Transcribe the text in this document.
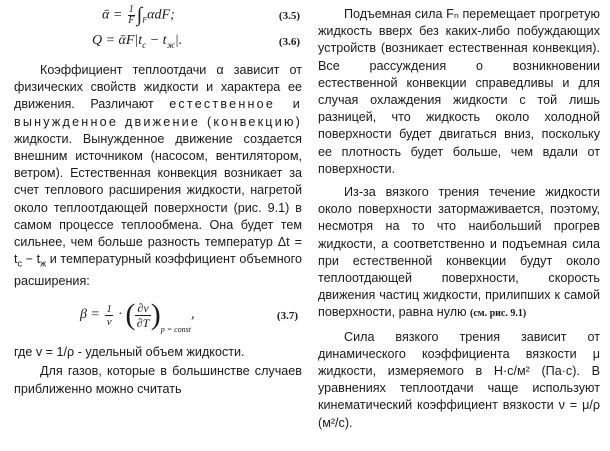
ᾱ = $\frac{1}{F} \int_F\alpha dF$;	(3.5)
$Q = ᾱF|t_c - t_ж|$.	(3.6)

Коэффициент теплоотдачи α зависит от физических свойств жидкости и характера ее движения. Различают естественное и вынужденное движение (конвекцию) жидкости. Вынужденное движение создается внешним источником (насосом, вентилятором, ветром). Естественная конвекция возникает за счет теплового расширения жидкости, нагретой около теплоотдающей поверхности (рис. 9.1) в самом процессе теплообмена. Она будет тем сильнее, чем больше разность температур $\Delta t = t_c - t_ж$ и температурный коэффициент объемного расширения:

$\beta = \frac{1}{v}$ · ( $\frac{\partial v}{\partial T})_{p = const}$,	(3.7)

где v = 1/ρ - удельный объем жидкости.

Для газов, которые в большинстве случаев приближенно можно считать

Подъемная сила Fₙ перемещает прогретую жидкость вверх без каких-либо побуждающих устройств (возникает естественная конвекция). Все рассуждения о возникновении естественной конвекции справедливы и для случая охлаждения жидкости с той лишь разницей, что жидкость около холодной поверхности будет двигаться вниз, поскольку ее плотность будет больше, чем вдали от поверхности.

Из-за вязкого трения течение жидкости около поверхности затормаживается, поэтому, несмотря на то что наибольший прогрев жидкости, а соответственно и подъемная сила при естественной конвекции будут около теплоотдающей поверхности, скорость движения частиц жидкости, прилипших к самой поверхности, равна нулю (см. рис. 9.1)

Сила вязкого трения зависит от динамического коэффициента вязкости μ жидкости, измеряемого в Н·с/м² (Па·с). В уравнениях теплоотдачи чаще используют кинематический коэффициент вязкости ν = μ/ρ (м²/с).
